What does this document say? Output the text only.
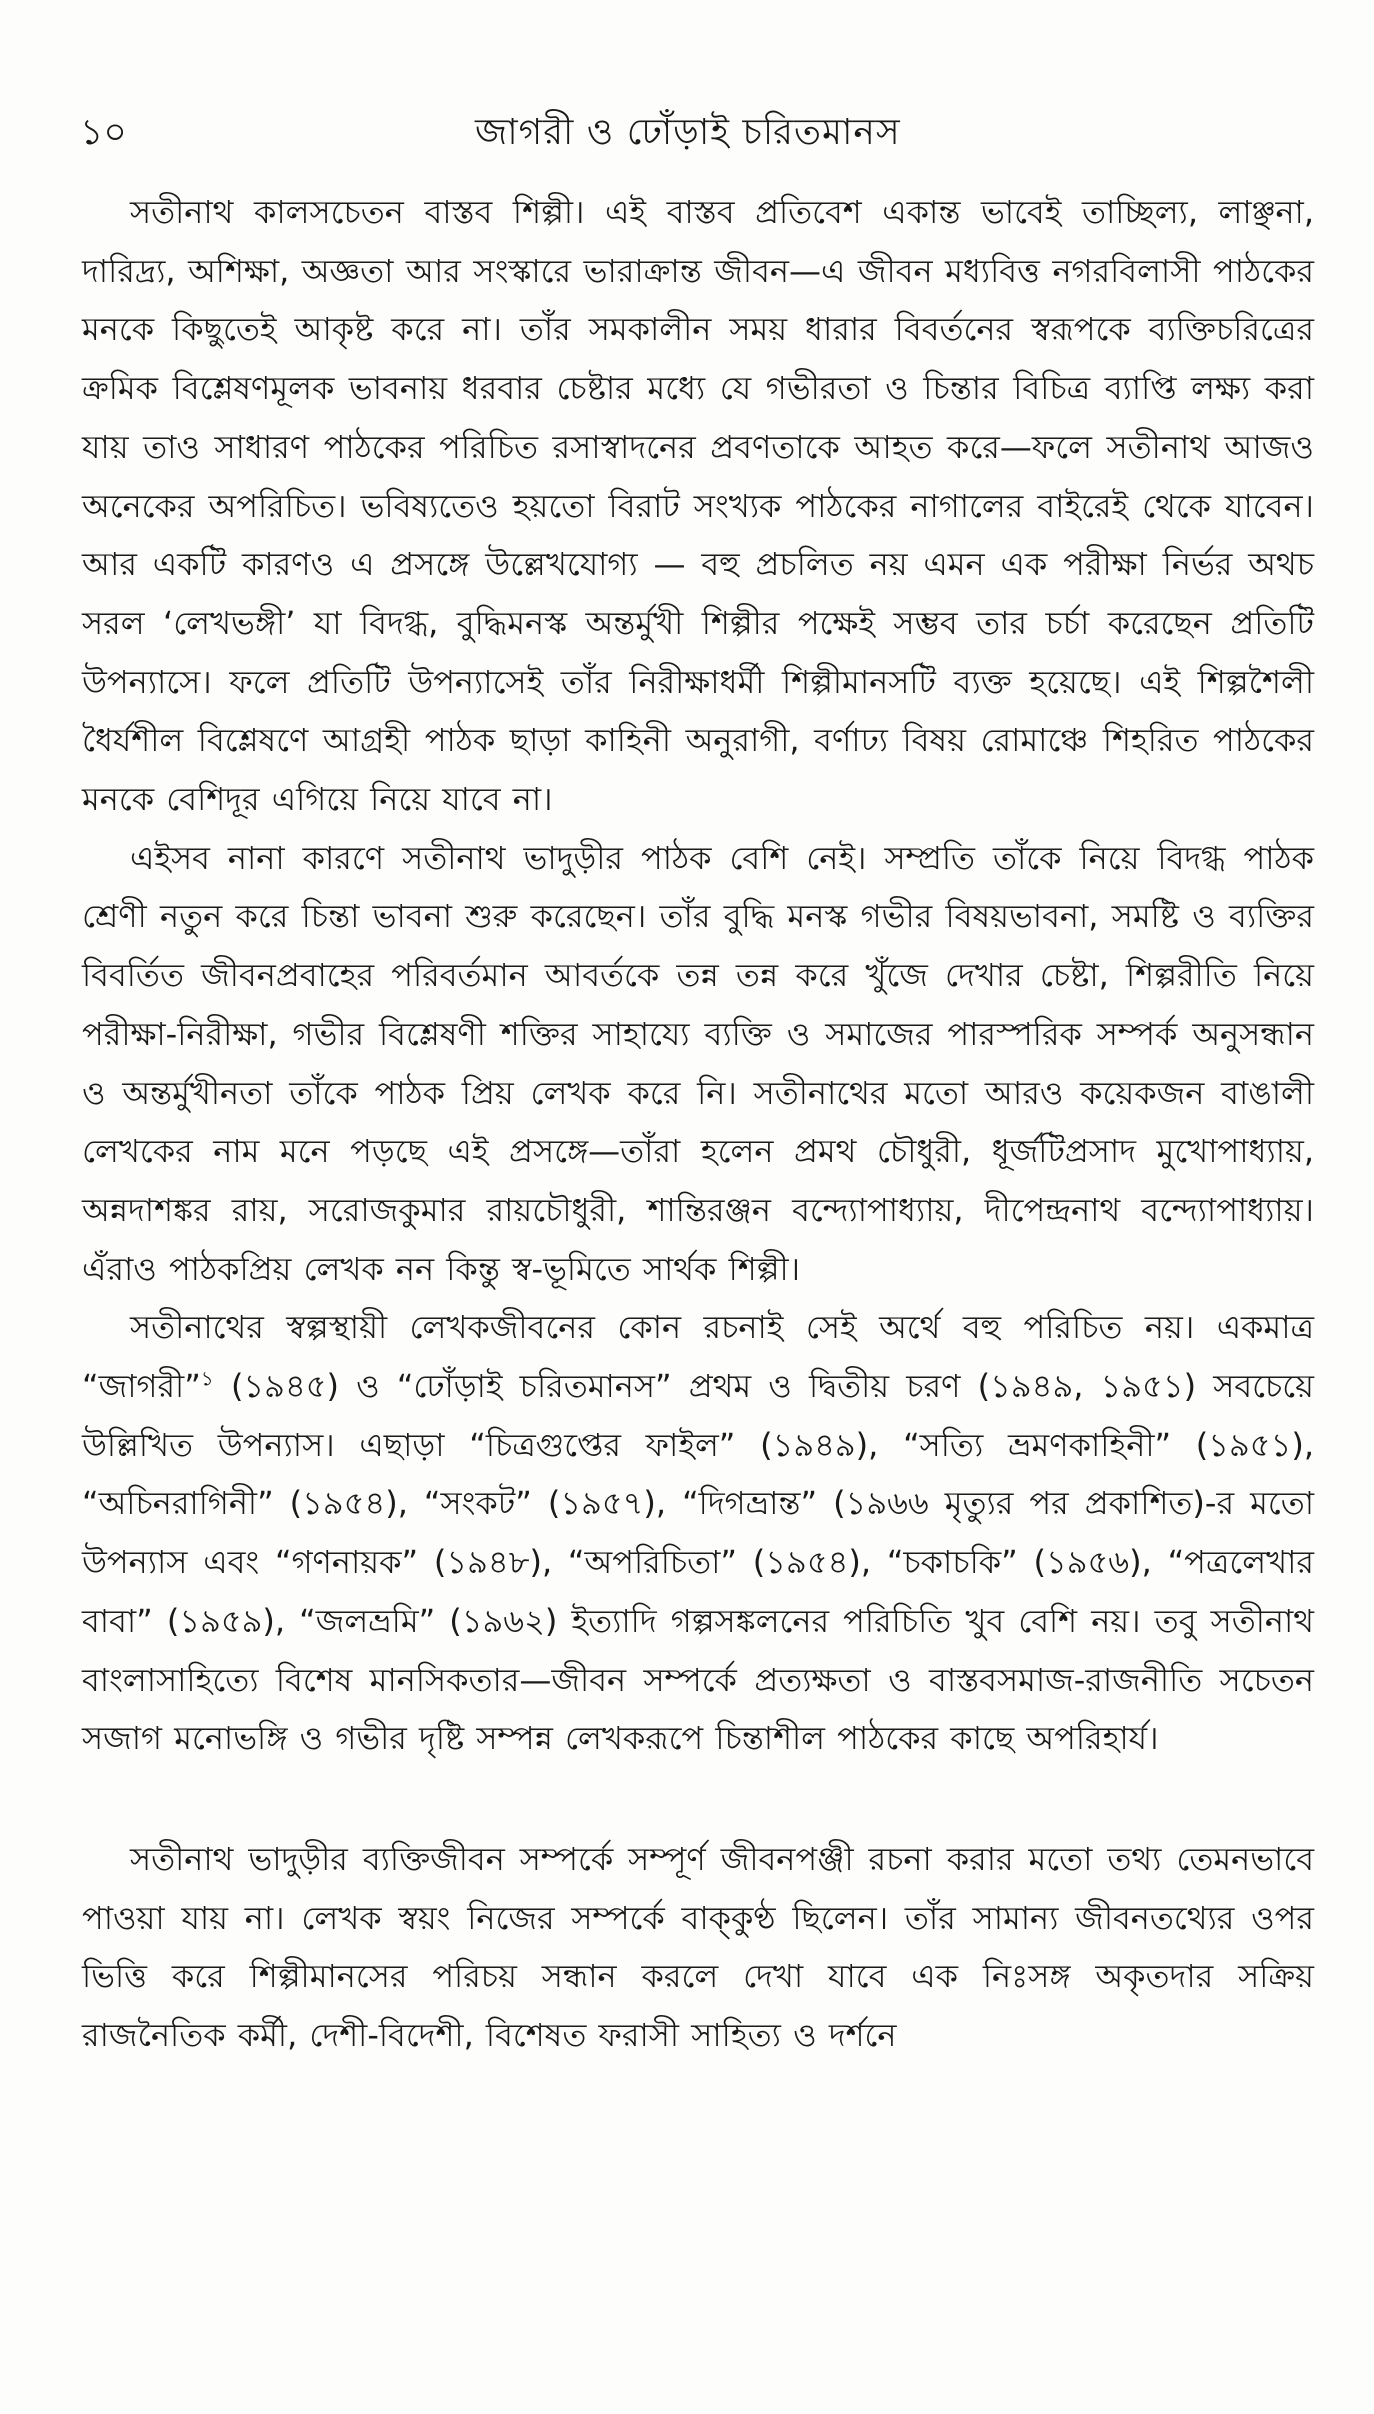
১০	জাগরী ও ঢোঁড়াই চরিতমানস

সতীনাথ কালসচেতন বাস্তব শিল্পী। এই বাস্তব প্রতিবেশ একান্ত ভাবেই তাচ্ছিল্য, লাঞ্ছনা, দারিদ্র্য, অশিক্ষা, অজ্ঞতা আর সংস্কারে ভারাক্রান্ত জীবন—এ জীবন মধ্যবিত্ত নগরবিলাসী পাঠকের মনকে কিছুতেই আকৃষ্ট করে না। তাঁর সমকালীন সময় ধারার বিবর্তনের স্বরূপকে ব্যক্তিচরিত্রের ক্রমিক বিশ্লেষণমূলক ভাবনায় ধরবার চেষ্টার মধ্যে যে গভীরতা ও চিন্তার বিচিত্র ব্যাপ্তি লক্ষ্য করা যায় তাও সাধারণ পাঠকের পরিচিত রসাস্বাদনের প্রবণতাকে আহত করে—ফলে সতীনাথ আজও অনেকের অপরিচিত। ভবিষ্যতেও হয়তো বিরাট সংখ্যক পাঠকের নাগালের বাইরেই থেকে যাবেন। আর একটি কারণও এ প্রসঙ্গে উল্লেখযোগ্য — বহু প্রচলিত নয় এমন এক পরীক্ষা নির্ভর অথচ সরল ‘লেখভঙ্গী’ যা বিদগ্ধ, বুদ্ধিমনস্ক অন্তর্মুখী শিল্পীর পক্ষেই সম্ভব তার চর্চা করেছেন প্রতিটি উপন্যাসে। ফলে প্রতিটি উপন্যাসেই তাঁর নিরীক্ষাধর্মী শিল্পীমানসটি ব্যক্ত হয়েছে। এই শিল্পশৈলী ধৈর্যশীল বিশ্লেষণে আগ্রহী পাঠক ছাড়া কাহিনী অনুরাগী, বর্ণাঢ্য বিষয় রোমাঞ্চে শিহরিত পাঠকের মনকে বেশিদূর এগিয়ে নিয়ে যাবে না।

এইসব নানা কারণে সতীনাথ ভাদুড়ীর পাঠক বেশি নেই। সম্প্রতি তাঁকে নিয়ে বিদগ্ধ পাঠক শ্রেণী নতুন করে চিন্তা ভাবনা শুরু করেছেন। তাঁর বুদ্ধি মনস্ক গভীর বিষয়ভাবনা, সমষ্টি ও ব্যক্তির বিবর্তিত জীবনপ্রবাহের পরিবর্তমান আবর্তকে তন্ন তন্ন করে খুঁজে দেখার চেষ্টা, শিল্পরীতি নিয়ে পরীক্ষা-নিরীক্ষা, গভীর বিশ্লেষণী শক্তির সাহায্যে ব্যক্তি ও সমাজের পারস্পরিক সম্পর্ক অনুসন্ধান ও অন্তর্মুখীনতা তাঁকে পাঠক প্রিয় লেখক করে নি। সতীনাথের মতো আরও কয়েকজন বাঙালী লেখকের নাম মনে পড়ছে এই প্রসঙ্গে—তাঁরা হলেন প্রমথ চৌধুরী, ধূর্জটিপ্রসাদ মুখোপাধ্যায়, অন্নদাশঙ্কর রায়, সরোজকুমার রায়চৌধুরী, শান্তিরঞ্জন বন্দ্যোপাধ্যায়, দীপেন্দ্রনাথ বন্দ্যোপাধ্যায়। এঁরাও পাঠকপ্রিয় লেখক নন কিন্তু স্ব-ভূমিতে সার্থক শিল্পী।

সতীনাথের স্বল্পস্থায়ী লেখকজীবনের কোন রচনাই সেই অর্থে বহু পরিচিত নয়। একমাত্র “জাগরী”$^১$ (১৯৪৫) ও “ঢোঁড়াই চরিতমানস” প্রথম ও দ্বিতীয় চরণ (১৯৪৯, ১৯৫১) সবচেয়ে উল্লিখিত উপন্যাস। এছাড়া “চিত্রগুপ্তের ফাইল” (১৯৪৯), “সত্যি ভ্রমণকাহিনী” (১৯৫১), “অচিনরাগিনী” (১৯৫৪), “সংকট” (১৯৫৭), “দিগভ্রান্ত” (১৯৬৬ মৃত্যুর পর প্রকাশিত)-র মতো উপন্যাস এবং “গণনায়ক” (১৯৪৮), “অপরিচিতা” (১৯৫৪), “চকাচকি” (১৯৫৬), “পত্রলেখার বাবা” (১৯৫৯), “জলভ্রমি” (১৯৬২) ইত্যাদি গল্পসঙ্কলনের পরিচিতি খুব বেশি নয়। তবু সতীনাথ বাংলাসাহিত্যে বিশেষ মানসিকতার—জীবন সম্পর্কে প্রত্যক্ষতা ও বাস্তবসমাজ-রাজনীতি সচেতন সজাগ মনোভঙ্গি ও গভীর দৃষ্টি সম্পন্ন লেখকরূপে চিন্তাশীল পাঠকের কাছে অপরিহার্য।

সতীনাথ ভাদুড়ীর ব্যক্তিজীবন সম্পর্কে সম্পূর্ণ জীবনপঞ্জী রচনা করার মতো তথ্য তেমনভাবে পাওয়া যায় না। লেখক স্বয়ং নিজের সম্পর্কে বাক্‌কুণ্ঠ ছিলেন। তাঁর সামান্য জীবনতথ্যের ওপর ভিত্তি করে শিল্পীমানসের পরিচয় সন্ধান করলে দেখা যাবে এক নিঃসঙ্গ অকৃতদার সক্রিয় রাজনৈতিক কর্মী, দেশী-বিদেশী, বিশেষত ফরাসী সাহিত্য ও দর্শনে
